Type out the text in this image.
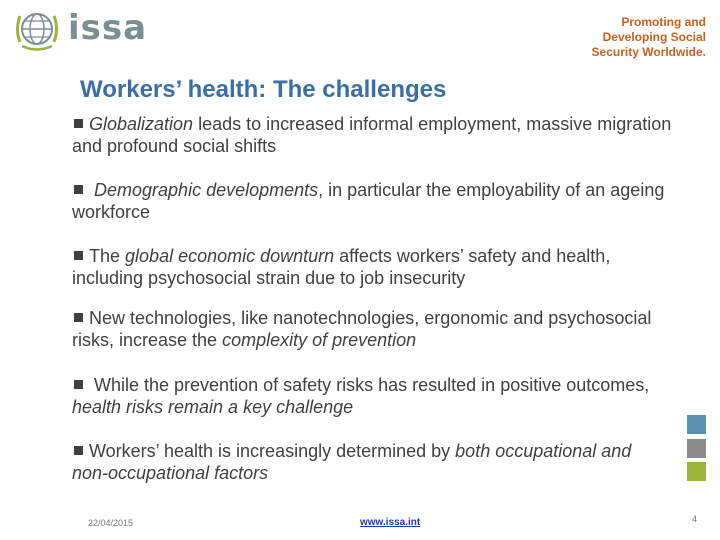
issa	Promoting and
Developing Social
Security Worldwide.
Workers’ health: The challenges
Globalization leads to increased informal employment, massive migration and profound social shifts
Demographic developments, in particular the employability of an ageing workforce
The global economic downturn affects workers’ safety and health, including psychosocial strain due to job insecurity
New technologies, like nanotechnologies, ergonomic and psychosocial risks, increase the complexity of prevention
While the prevention of safety risks has resulted in positive outcomes, health risks remain a key challenge
Workers’ health is increasingly determined by both occupational and non-occupational factors
22/04/2015	www.issa.int	4
